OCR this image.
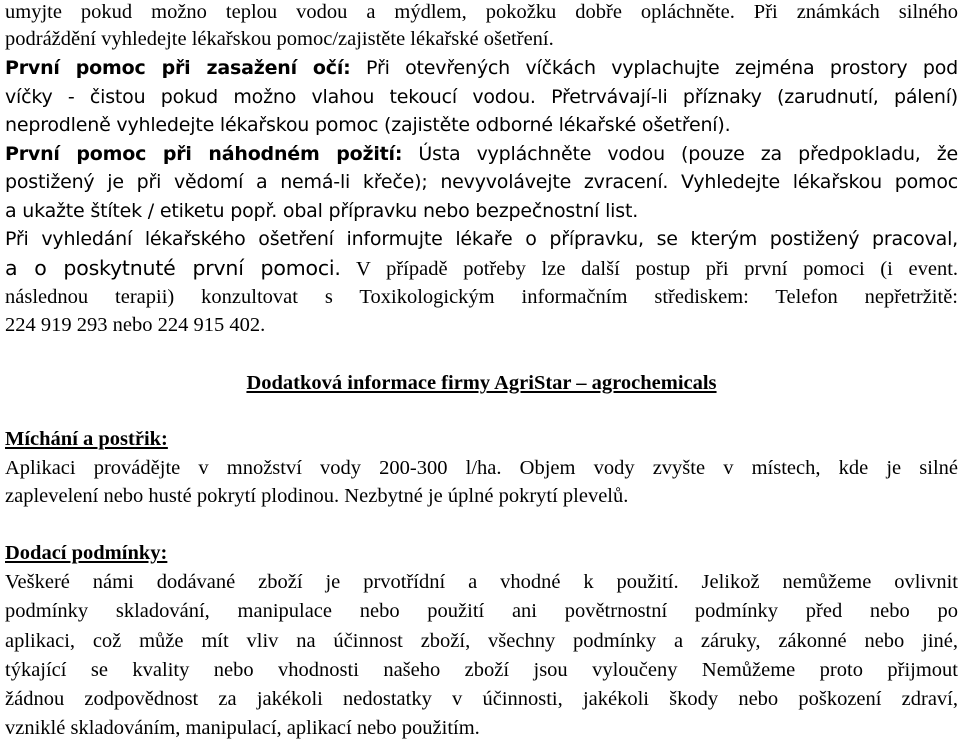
umyjte pokud možno teplou vodou a mýdlem, pokožku dobře opláchněte. Při známkách silného
podráždění vyhledejte lékařskou pomoc/zajistěte lékařské ošetření.
První pomoc při zasažení očí: Při otevřených víčkách vyplachujte zejména prostory pod
víčky - čistou pokud možno vlahou tekoucí vodou. Přetrvávají-li příznaky (zarudnutí, pálení)
neprodleně vyhledejte lékařskou pomoc (zajistěte odborné lékařské ošetření).
První pomoc při náhodném požití: Ústa vypláchněte vodou (pouze za předpokladu, že
postižený je při vědomí a nemá-li křeče); nevyvolávejte zvracení. Vyhledejte lékařskou pomoc
a ukažte štítek / etiketu popř. obal přípravku nebo bezpečnostní list.
Při vyhledání lékařského ošetření informujte lékaře o přípravku, se kterým postižený pracoval,
a o poskytnuté první pomoci. V případě potřeby lze další postup při první pomoci (i event.
následnou terapii) konzultovat s Toxikologickým informačním střediskem: Telefon nepřetržitě:
224 919 293 nebo 224 915 402.
Dodatková informace firmy AgriStar – agrochemicals
Míchání a postřik:
Aplikaci provádějte v množství vody 200-300 l/ha. Objem vody zvyšte v místech, kde je silné
zaplevelení nebo husté pokrytí plodinou. Nezbytné je úplné pokrytí plevelů.
Dodací podmínky:
Veškeré námi dodávané zboží je prvotřídní a vhodné k použití. Jelikož nemůžeme ovlivnit
podmínky skladování, manipulace nebo použití ani povětrnostní podmínky před nebo po
aplikaci, což může mít vliv na účinnost zboží, všechny podmínky a záruky, zákonné nebo jiné,
týkající se kvality nebo vhodnosti našeho zboží jsou vyloučeny Nemůžeme proto přijmout
žádnou zodpovědnost za jakékoli nedostatky v účinnosti, jakékoli škody nebo poškození zdraví,
vzniklé skladováním, manipulací, aplikací nebo použitím.
